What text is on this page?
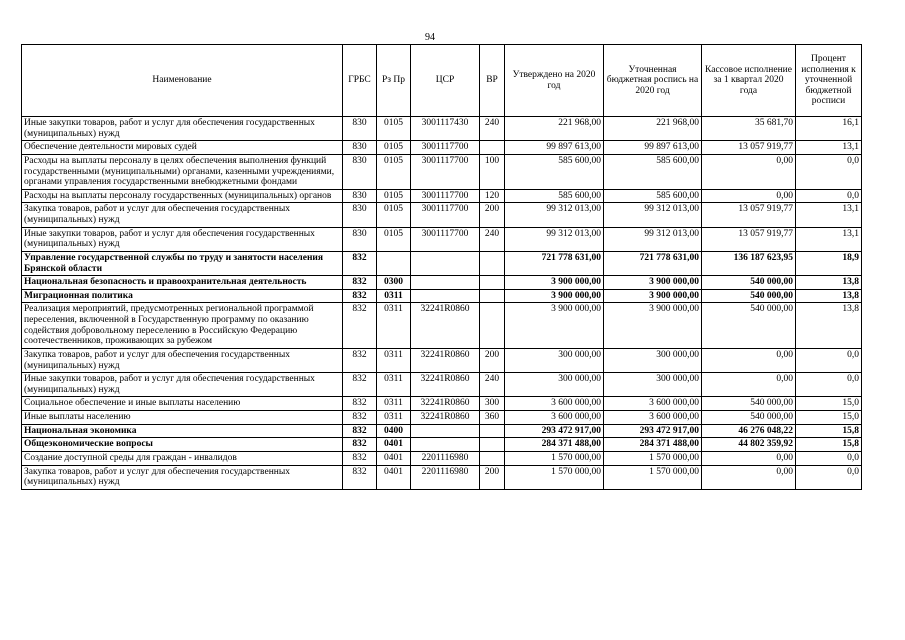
94
Наименование	ГРБС	Рз Пр	ЦСР	ВР	Утверждено на 2020 год	Уточненная бюджетная роспись на 2020 год	Кассовое исполнение за 1 квартал 2020 года	Процент исполнения к уточненной бюджетной росписи
Иные закупки товаров, работ и услуг для обеспечения государственных (муниципальных) нужд	830	0105	3001117430	240	221 968,00	221 968,00	35 681,70	16,1
Обеспечение деятельности мировых судей	830	0105	3001117700		99 897 613,00	99 897 613,00	13 057 919,77	13,1
Расходы на выплаты персоналу в целях обеспечения выполнения функций государственными (муниципальными) органами, казенными учреждениями, органами управления государственными внебюджетными фондами	830	0105	3001117700	100	585 600,00	585 600,00	0,00	0,0
Расходы на выплаты персоналу государственных (муниципальных) органов	830	0105	3001117700	120	585 600,00	585 600,00	0,00	0,0
Закупка товаров, работ и услуг для обеспечения государственных (муниципальных) нужд	830	0105	3001117700	200	99 312 013,00	99 312 013,00	13 057 919,77	13,1
Иные закупки товаров, работ и услуг для обеспечения государственных (муниципальных) нужд	830	0105	3001117700	240	99 312 013,00	99 312 013,00	13 057 919,77	13,1
Управление государственной службы по труду и занятости населения Брянской области	832				721 778 631,00	721 778 631,00	136 187 623,95	18,9
Национальная безопасность и правоохранительная деятельность	832	0300			3 900 000,00	3 900 000,00	540 000,00	13,8
Миграционная политика	832	0311			3 900 000,00	3 900 000,00	540 000,00	13,8
Реализация мероприятий, предусмотренных региональной программой переселения, включенной в Государственную программу по оказанию содействия добровольному переселению в Российскую Федерацию соотечественников, проживающих за рубежом	832	0311	32241R0860		3 900 000,00	3 900 000,00	540 000,00	13,8
Закупка товаров, работ и услуг для обеспечения государственных (муниципальных) нужд	832	0311	32241R0860	200	300 000,00	300 000,00	0,00	0,0
Иные закупки товаров, работ и услуг для обеспечения государственных (муниципальных) нужд	832	0311	32241R0860	240	300 000,00	300 000,00	0,00	0,0
Социальное обеспечение и иные выплаты населению	832	0311	32241R0860	300	3 600 000,00	3 600 000,00	540 000,00	15,0
Иные выплаты населению	832	0311	32241R0860	360	3 600 000,00	3 600 000,00	540 000,00	15,0
Национальная экономика	832	0400			293 472 917,00	293 472 917,00	46 276 048,22	15,8
Общеэкономические вопросы	832	0401			284 371 488,00	284 371 488,00	44 802 359,92	15,8
Создание доступной среды для граждан - инвалидов	832	0401	2201116980		1 570 000,00	1 570 000,00	0,00	0,0
Закупка товаров, работ и услуг для обеспечения государственных (муниципальных) нужд	832	0401	2201116980	200	1 570 000,00	1 570 000,00	0,00	0,0
